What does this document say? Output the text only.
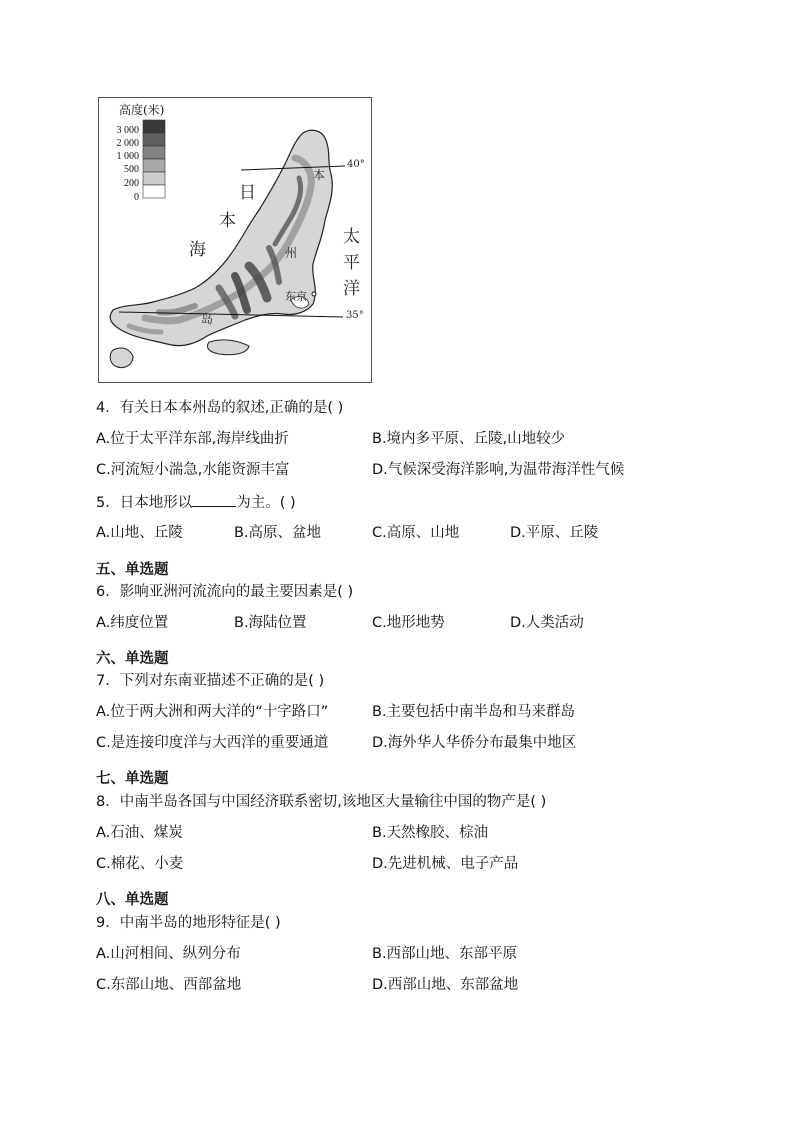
高度(米)
3 000
2 000
1 000
500
200
0	日
本
海
太
平
洋
本
州
岛
东京
40°
35°
4．有关日本本州岛的叙述,正确的是( )
A.位于太平洋东部,海岸线曲折	B.境内多平原、丘陵,山地较少
C.河流短小湍急,水能资源丰富	D.气候深受海洋影响,为温带海洋性气候
5．日本地形以	为主。( )
A.山地、丘陵	B.高原、盆地	C.高原、山地	D.平原、丘陵
五、单选题
6．影响亚洲河流流向的最主要因素是( )
A.纬度位置	B.海陆位置	C.地形地势	D.人类活动
六、单选题
7．下列对东南亚描述不正确的是( )
A.位于两大洲和两大洋的“十字路口”	B.主要包括中南半岛和马来群岛
C.是连接印度洋与大西洋的重要通道	D.海外华人华侨分布最集中地区
七、单选题
8．中南半岛各国与中国经济联系密切,该地区大量输往中国的物产是( )
A.石油、煤炭	B.天然橡胶、棕油
C.棉花、小麦	D.先进机械、电子产品
八、单选题
9．中南半岛的地形特征是( )
A.山河相间、纵列分布	B.西部山地、东部平原
C.东部山地、西部盆地	D.西部山地、东部盆地
